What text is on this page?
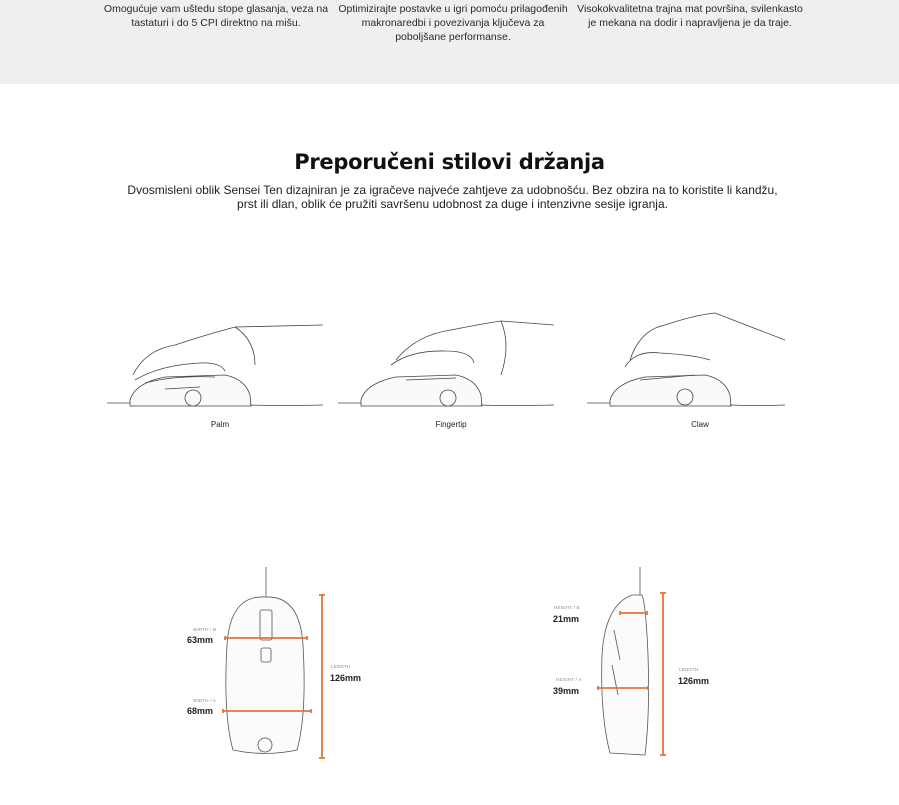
Omogućuje vam uštedu stope glasanja, veza na tastaturi i do 5 CPI direktno na mišu.
Optimizirajte postavke u igri pomoću prilagođenih makronaredbi i povezivanja ključeva za poboljšane performanse.
Visokokvalitetna trajna mat površina, svilenkasto je mekana na dodir i napravljena je da traje.
Preporučeni stilovi držanja
Dvosmisleni oblik Sensei Ten dizajniran je za igračeve najveće zahtjeve za udobnošću. Bez obzira na to koristite li kandžu, prst ili dlan, oblik će pružiti savršenu udobnost za duge i intenzivne sesije igranja.
Palm	Fingertip	Claw
WIDTH / B
63mm
WIDTH / A
68mm
LENGTH
126mm
HEIGHT / B
21mm
HEIGHT / A
39mm
LENGTH
126mm
